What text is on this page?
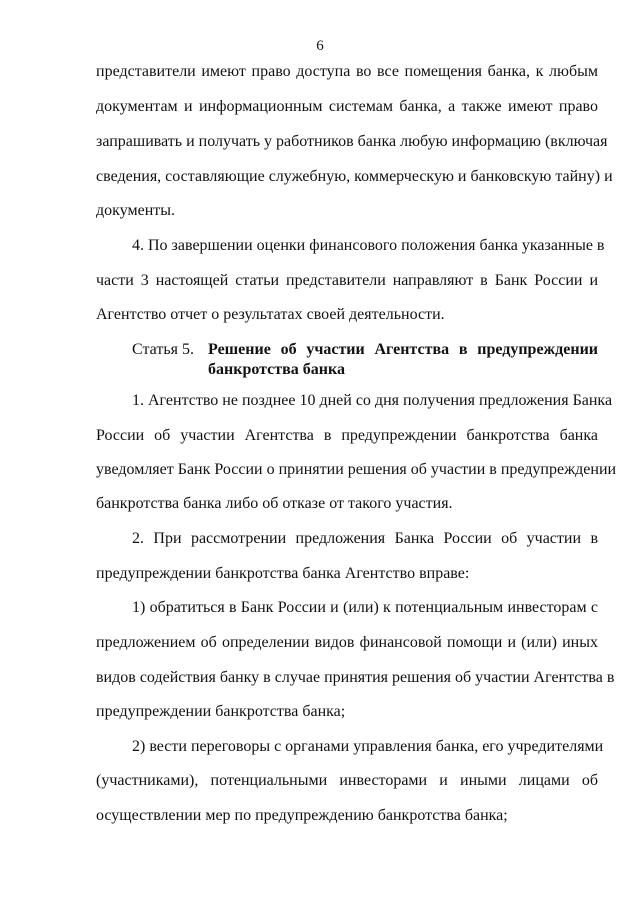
6
представители имеют право доступа во все помещения банка, к любым
документам и информационным системам банка, а также имеют право
запрашивать и получать у работников банка любую информацию (включая
сведения, составляющие служебную, коммерческую и банковскую тайну) и
документы.
4. По завершении оценки финансового положения банка указанные в
части 3 настоящей статьи представители направляют в Банк России и
Агентство отчет о результатах своей деятельности.
Статья 5. Решение об участии Агентства в предупреждении
банкротства банка
1. Агентство не позднее 10 дней со дня получения предложения Банка
России об участии Агентства в предупреждении банкротства банка
уведомляет Банк России о принятии решения об участии в предупреждении
банкротства банка либо об отказе от такого участия.
2. При рассмотрении предложения Банка России об участии в
предупреждении банкротства банка Агентство вправе:
1) обратиться в Банк России и (или) к потенциальным инвесторам с
предложением об определении видов финансовой помощи и (или) иных
видов содействия банку в случае принятия решения об участии Агентства в
предупреждении банкротства банка;
2) вести переговоры с органами управления банка, его учредителями
(участниками), потенциальными инвесторами и иными лицами об
осуществлении мер по предупреждению банкротства банка;
